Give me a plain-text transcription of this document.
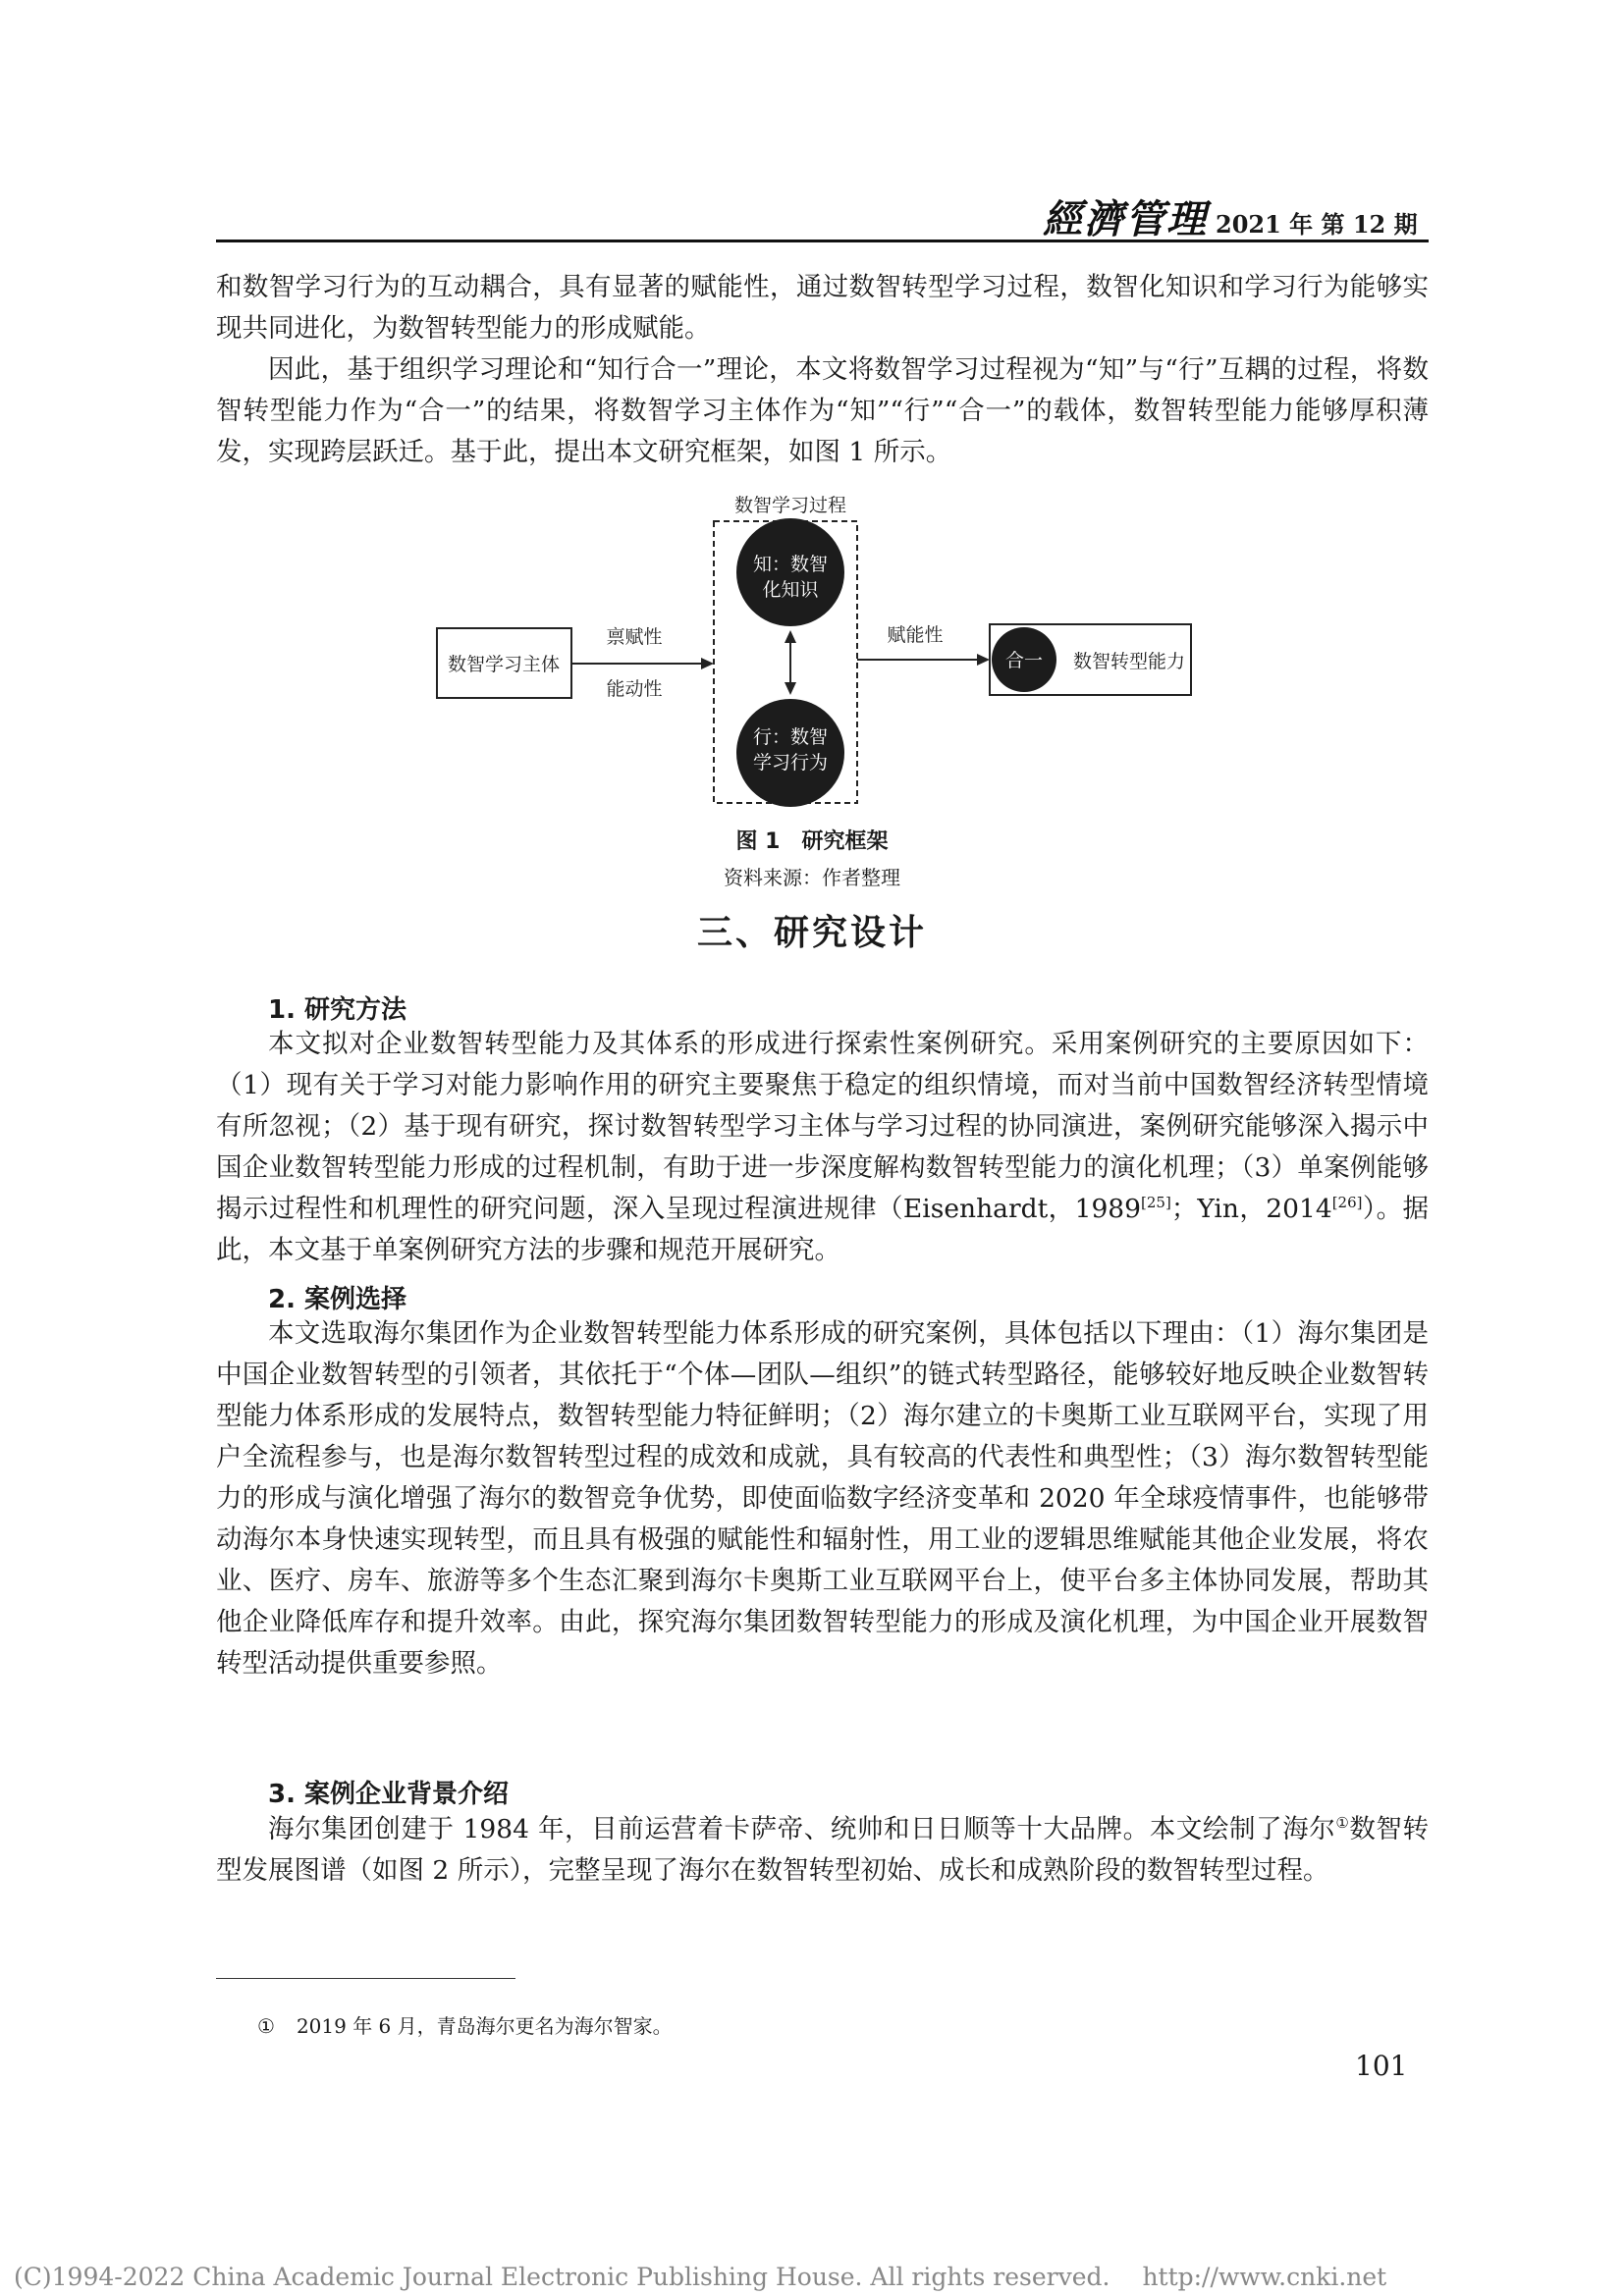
經濟管理 2021 年 第 12 期

和数智学习行为的互动耦合，具有显著的赋能性，通过数智转型学习过程，数智化知识和学习行为能够实现共同进化，为数智转型能力的形成赋能。

因此，基于组织学习理论和“知行合一”理论，本文将数智学习过程视为“知”与“行”互耦的过程，将数智转型能力作为“合一”的结果，将数智学习主体作为“知”“行”“合一”的载体，数智转型能力能够厚积薄发，实现跨层跃迁。基于此，提出本文研究框架，如图 1 所示。

数智学习过程
数智学习主体
禀赋性
能动性
知：数智
化知识
行：数智
学习行为
赋能性
合一 数智转型能力
图 1　研究框架
资料来源：作者整理
三、研究设计
1. 研究方法

本文拟对企业数智转型能力及其体系的形成进行探索性案例研究。采用案例研究的主要原因如下：（1）现有关于学习对能力影响作用的研究主要聚焦于稳定的组织情境，而对当前中国数智经济转型情境有所忽视；（2）基于现有研究，探讨数智转型学习主体与学习过程的协同演进，案例研究能够深入揭示中国企业数智转型能力形成的过程机制，有助于进一步深度解构数智转型能力的演化机理；（3）单案例能够揭示过程性和机理性的研究问题，深入呈现过程演进规律（Eisenhardt，1989[25]；Yin，2014[26]）。据此，本文基于单案例研究方法的步骤和规范开展研究。

2. 案例选择

本文选取海尔集团作为企业数智转型能力体系形成的研究案例，具体包括以下理由：（1）海尔集团是中国企业数智转型的引领者，其依托于“个体—团队—组织”的链式转型路径，能够较好地反映企业数智转型能力体系形成的发展特点，数智转型能力特征鲜明；（2）海尔建立的卡奥斯工业互联网平台，实现了用户全流程参与，也是海尔数智转型过程的成效和成就，具有较高的代表性和典型性；（3）海尔数智转型能力的形成与演化增强了海尔的数智竞争优势，即使面临数字经济变革和 2020 年全球疫情事件，也能够带动海尔本身快速实现转型，而且具有极强的赋能性和辐射性，用工业的逻辑思维赋能其他企业发展，将农业、医疗、房车、旅游等多个生态汇聚到海尔卡奥斯工业互联网平台上，使平台多主体协同发展，帮助其他企业降低库存和提升效率。由此，探究海尔集团数智转型能力的形成及演化机理，为中国企业开展数智转型活动提供重要参照。

3. 案例企业背景介绍

海尔集团创建于 1984 年，目前运营着卡萨帝、统帅和日日顺等十大品牌。本文绘制了海尔①数智转型发展图谱（如图 2 所示），完整呈现了海尔在数智转型初始、成长和成熟阶段的数智转型过程。

① 2019 年 6 月，青岛海尔更名为海尔智家。
101
(C)1994-2022 China Academic Journal Electronic Publishing House. All rights reserved.　 http://www.cnki.net
